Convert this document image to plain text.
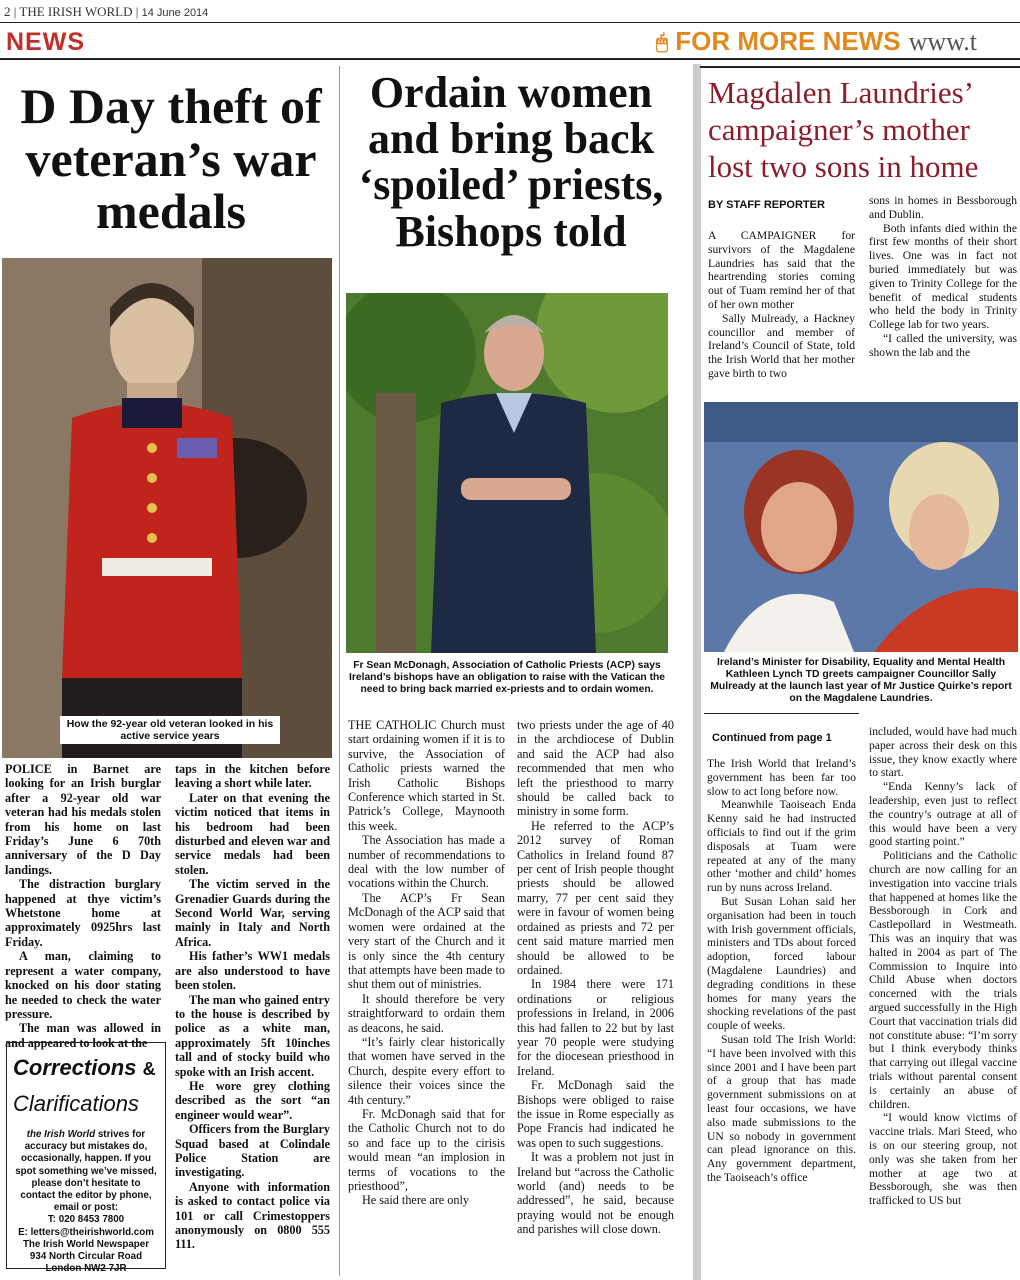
2 | THE IRISH WORLD | 14 June 2014
NEWS	🖱 FOR MORE NEWS www.t
D Day theft of veteran’s war medals
How the 92-year old veteran looked in his active service years

POLICE in Barnet are looking for an Irish burglar after a 92-year old war veteran had his medals stolen from his home on last Friday’s June 6 70th anniversary of the D Day landings.

The distraction burglary happened at thye victim’s Whetstone home at approximately 0925hrs last Friday.

A man, claiming to represent a water company, knocked on his door stating he needed to check the water pressure.

The man was allowed in and appeared to look at the

taps in the kitchen before leaving a short while later.

Later on that evening the victim noticed that items in his bedroom had been disturbed and eleven war and service medals had been stolen.

The victim served in the Grenadier Guards during the Second World War, serving mainly in Italy and North Africa.

His father’s WW1 medals are also understood to have been stolen.

The man who gained entry to the house is described by police as a white man, approximately 5ft 10inches tall and of stocky build who spoke with an Irish accent.

He wore grey clothing described as the sort “an engineer would wear”.

Officers from the Burglary Squad based at Colindale Police Station are investigating.

Anyone with information is asked to contact police via 101 or call Crimestoppers anonymously on 0800 555 111.

Corrections &
Clarifications
the Irish World strives for accuracy but mistakes do, occasionally, happen. If you spot something we’ve missed, please don’t hesitate to contact the editor by phone, email or post:
T: 020 8453 7800
E: letters@theirishworld.com
The Irish World Newspaper
934 North Circular Road
London NW2 7JR
Ordain women and bring back ‘spoiled’ priests, Bishops told
Fr Sean McDonagh, Association of Catholic Priests (ACP) says Ireland’s bishops have an obligation to raise with the Vatican the need to bring back married ex-priests and to ordain women.

THE CATHOLIC Church must start ordaining women if it is to survive, the Association of Catholic priests warned the Irish Catholic Bishops Conference which started in St. Patrick’s College, Maynooth this week.

The Association has made a number of recommendations to deal with the low number of vocations within the Church.

The ACP’s Fr Sean McDonagh of the ACP said that women were ordained at the very start of the Church and it is only since the 4th century that attempts have been made to shut them out of ministries.

It should therefore be very straightforward to ordain them as deacons, he said.

“It’s fairly clear historically that women have served in the Church, despite every effort to silence their voices since the 4th century.”

Fr. McDonagh said that for the Catholic Church not to do so and face up to the cirisis would mean “an implosion in terms of vocations to the priesthood”,

He said there are only

two priests under the age of 40 in the archdiocese of Dublin and said the ACP had also recommended that men who left the priesthood to marry should be called back to ministry in some form.

He referred to the ACP’s 2012 survey of Roman Catholics in Ireland found 87 per cent of Irish people thought priests should be allowed marry, 77 per cent said they were in favour of women being ordained as priests and 72 per cent said mature married men should be allowed to be ordained.

In 1984 there were 171 ordinations or religious professions in Ireland, in 2006 this had fallen to 22 but by last year 70 people were studying for the diocesean priesthood in Ireland.

Fr. McDonagh said the Bishops were obliged to raise the issue in Rome especially as Pope Francis had indicated he was open to such suggestions.

It was a problem not just in Ireland but “across the Catholic world (and) needs to be addressed”, he said, because praying would not be enough and parishes will close down.

Magdalen Laundries’ campaigner’s mother lost two sons in home
BY STAFF REPORTER

A CAMPAIGNER for survivors of the Magdalene Laundries has said that the heartrending stories coming out of Tuam remind her of that of her own mother

Sally Mulready, a Hackney councillor and member of Ireland’s Council of State, told the Irish World that her mother gave birth to two

sons in homes in Bessborough and Dublin.

Both infants died within the first few months of their short lives. One was in fact not buried immediately but was given to Trinity College for the benefit of medical students who held the body in Trinity College lab for two years.

“I called the university, was shown the lab and the

Ireland’s Minister for Disability, Equality and Mental Health Kathleen Lynch TD greets campaigner Councillor Sally Mulready at the launch last year of Mr Justice Quirke’s report on the Magdalene Laundries.
Continued from page 1

The Irish World that Ireland’s government has been far too slow to act long before now.

Meanwhile Taoiseach Enda Kenny said he had instructed officials to find out if the grim disposals at Tuam were repeated at any of the many other ‘mother and child’ homes run by nuns across Ireland.

But Susan Lohan said her organisation had been in touch with Irish government officials, ministers and TDs about forced adoption, forced labour (Magdalene Laundries) and degrading conditions in these homes for many years the shocking revelations of the past couple of weeks.

Susan told The Irish World: “I have been involved with this since 2001 and I have been part of a group that has made government submissions on at least four occasions, we have also made submissions to the UN so nobody in government can plead ignorance on this. Any government department, the Taoiseach’s office

included, would have had much paper across their desk on this issue, they know exactly where to start.

“Enda Kenny’s lack of leadership, even just to reflect the country’s outrage at all of this would have been a very good starting point.”

Politicians and the Catholic church are now calling for an investigation into vaccine trials that happened at homes like the Bessborough in Cork and Castlepollard in Westmeath. This was an inquiry that was halted in 2004 as part of The Commission to Inquire into Child Abuse when doctors concerned with the trials argued successfully in the High Court that vaccination trials did not constitute abuse: “I’m sorry but I think everybody thinks that carrying out illegal vaccine trials without parental consent is certainly an abuse of children.

“I would know victims of vaccine trials. Mari Steed, who is on our steering group, not only was she taken from her mother at age two at Bessborough, she was then trafficked to US but
